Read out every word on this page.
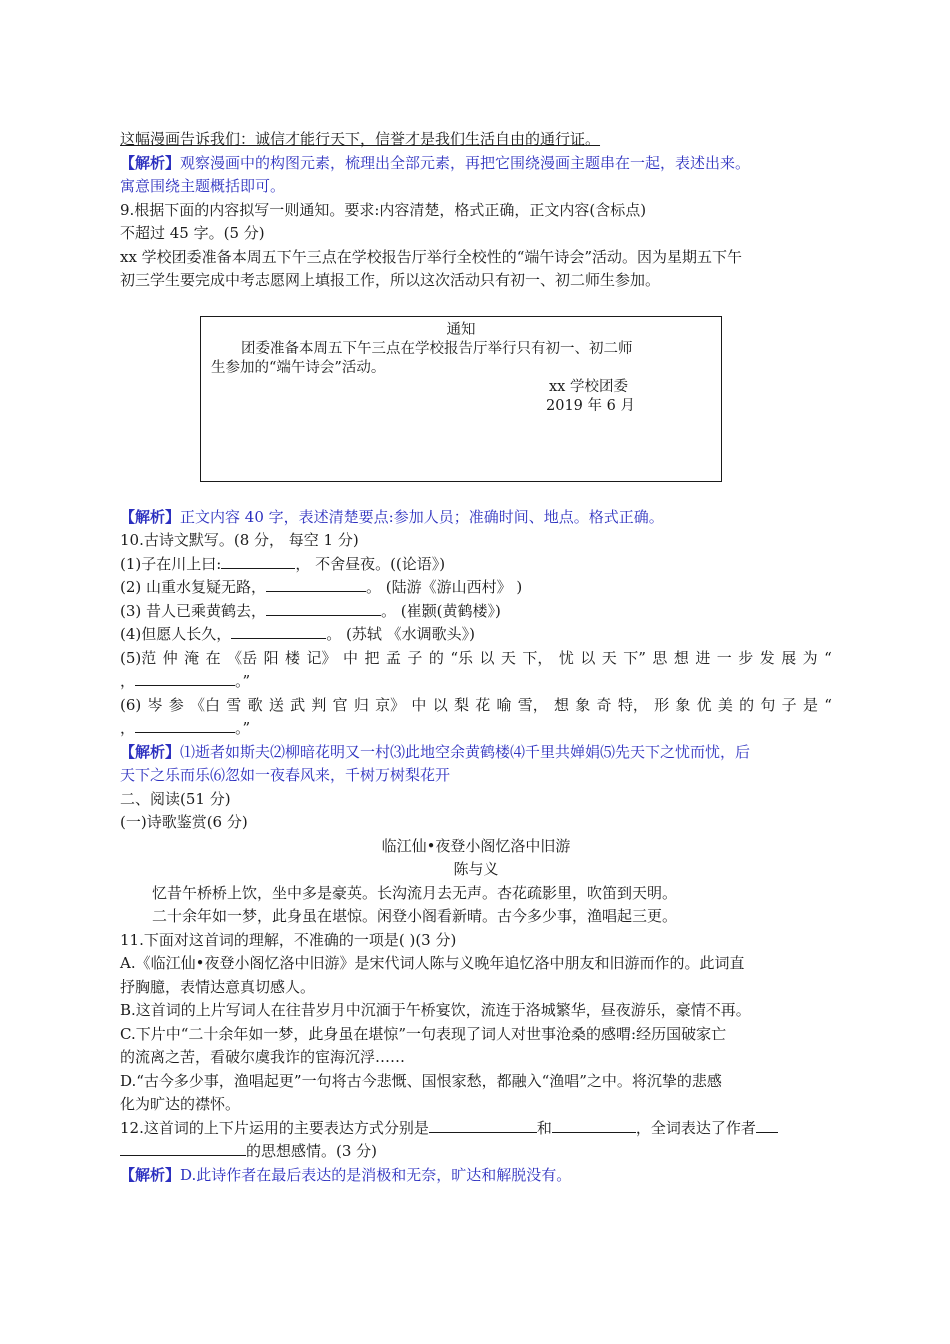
这幅漫画告诉我们：诚信才能行天下，信誉才是我们生活自由的通行证。
【解析】观察漫画中的构图元素，梳理出全部元素，再把它围绕漫画主题串在一起，表述出来。
寓意围绕主题概括即可。
9.根据下面的内容拟写一则通知。要求:内容清楚，格式正确，正文内容(含标点)
不超过 45 字。(5 分)
xx 学校团委准备本周五下午三点在学校报告厅举行全校性的“端午诗会”活动。因为星期五下午
初三学生要完成中考志愿网上填报工作，所以这次活动只有初一、初二师生参加。
通知
团委准备本周五下午三点在学校报告厅举行只有初一、初二师
生参加的“端午诗会”活动。
xx 学校团委
2019 年 6 月
【解析】正文内容 40 字，表述清楚要点:参加人员；准确时间、地点。格式正确。
10.古诗文默写。(8 分， 每空 1 分)
(1)子在川上曰:	， 不舍昼夜。((论语》)
(2) 山重水复疑无路，	。 (陆游《游山西村》 )
(3) 昔人已乘黄鹤去，	。 (崔颢(黄鹤楼》)
(4)但愿人长久，	。 (苏轼 《水调歌头》)
(5)范 仲 淹 在 《岳 阳 楼 记》 中 把 孟 子 的 “乐 以 天 下， 忧 以 天 下” 思 想 进 一 步 发 展 为 “
，	。”
(6) 岑 参 《白 雪 歌 送 武 判 官 归 京》 中 以 梨 花 喻 雪， 想 象 奇 特， 形 象 优 美 的 句 子 是 “
，	。”
【解析】⑴逝者如斯夫⑵柳暗花明又一村⑶此地空余黄鹤楼⑷千里共婵娟⑸先天下之忧而忧，后
天下之乐而乐⑹忽如一夜春风来，千树万树梨花开
二、阅读(51 分)
(一)诗歌鉴赏(6 分)
临江仙•夜登小阁忆洛中旧游
陈与义
忆昔午桥桥上饮，坐中多是豪英。长沟流月去无声。杏花疏影里，吹笛到天明。
二十余年如一梦，此身虽在堪惊。闲登小阁看新晴。古今多少事，渔唱起三更。
11.下面对这首词的理解，不准确的一项是( )(3 分)
A.《临江仙•夜登小阁忆洛中旧游》是宋代词人陈与义晚年追忆洛中朋友和旧游而作的。此词直
抒胸臆，表情达意真切感人。
B.这首词的上片写词人在往昔岁月中沉湎于午桥宴饮，流连于洛城繁华，昼夜游乐，豪情不再。
C.下片中“二十余年如一梦，此身虽在堪惊”一句表现了词人对世事沧桑的感喟:经历国破家亡
的流离之苦，看破尔虞我诈的宦海沉浮……
D.“古今多少事，渔唱起更”一句将古今悲慨、国恨家愁，都融入“渔唱”之中。将沉挚的悲感
化为旷达的襟怀。
12.这首词的上下片运用的主要表达方式分别是	和	，全词表达了作者
的思想感情。(3 分)
【解析】D.此诗作者在最后表达的是消极和无奈，旷达和解脱没有。
